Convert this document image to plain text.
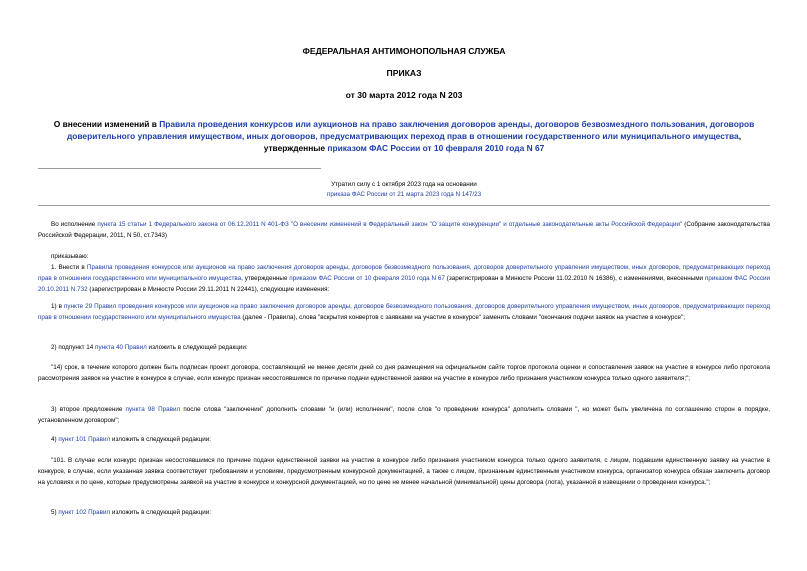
ФЕДЕРАЛЬНАЯ АНТИМОНОПОЛЬНАЯ СЛУЖБА
ПРИКАЗ
от 30 марта 2012 года N 203
О внесении изменений в Правила проведения конкурсов или аукционов на право заключения договоров аренды, договоров безвозмездного пользования, договоров доверительного управления имуществом, иных договоров, предусматривающих переход прав в отношении государственного или муниципального имущества, утвержденные приказом ФАС России от 10 февраля 2010 года N 67
Утратил силу с 1 октября 2023 года на основании
приказа ФАС России от 21 марта 2023 года N 147/23
Во исполнение пункта 15 статьи 1 Федерального закона от 06.12.2011 N 401-ФЗ "О внесении изменений в Федеральный закон "О защите конкуренции" и отдельные законодательные акты Российской Федерации" (Собрание законодательства Российской Федерации, 2011, N 50, ст.7343)
приказываю:
1. Внести в Правила проведения конкурсов или аукционов на право заключения договоров аренды, договоров безвозмездного пользования, договоров доверительного управления имуществом, иных договоров, предусматривающих переход прав в отношении государственного или муниципального имущества, утвержденные приказом ФАС России от 10 февраля 2010 года N 67 (зарегистрирован в Минюсте России 11.02.2010 N 16386), с изменениями, внесенными приказом ФАС России 20.10.2011 N 732 (зарегистрирован в Минюсте России 29.11.2011 N 22441), следующие изменения:
1) в пункте 29 Правил проведения конкурсов или аукционов на право заключения договоров аренды, договоров безвозмездного пользования, договоров доверительного управления имуществом, иных договоров, предусматривающих переход прав в отношении государственного или муниципального имущества (далее - Правила), слова "вскрытия конвертов с заявками на участие в конкурсе" заменить словами "окончания подачи заявок на участие в конкурсе";
2) подпункт 14 пункта 40 Правил изложить в следующей редакции:
"14) срок, в течение которого должен быть подписан проект договора, составляющий не менее десяти дней со дня размещения на официальном сайте торгов протокола оценки и сопоставления заявок на участие в конкурсе либо протокола рассмотрения заявок на участие в конкурсе в случае, если конкурс признан несостоявшимся по причине подачи единственной заявки на участие в конкурсе либо признания участником конкурса только одного заявителя;";
3) второе предложение пункта 98 Правил после слова "заключении" дополнить словами "и (или) исполнении", после слов "о проведении конкурса" дополнить словами ", но может быть увеличена по соглашению сторон в порядке, установленном договором";
4) пункт 101 Правил изложить в следующей редакции:
"101. В случае если конкурс признан несостоявшимся по причине подачи единственной заявки на участие в конкурсе либо признания участником конкурса только одного заявителя, с лицом, подавшим единственную заявку на участие в конкурсе, в случае, если указанная заявка соответствует требованиям и условиям, предусмотренным конкурсной документацией, а также с лицом, признанным единственным участником конкурса, организатор конкурса обязан заключить договор на условиях и по цене, которые предусмотрены заявкой на участие в конкурсе и конкурсной документацией, но по цене не менее начальной (минимальной) цены договора (лота), указанной в извещении о проведении конкурса.";
5) пункт 102 Правил изложить в следующей редакции:
